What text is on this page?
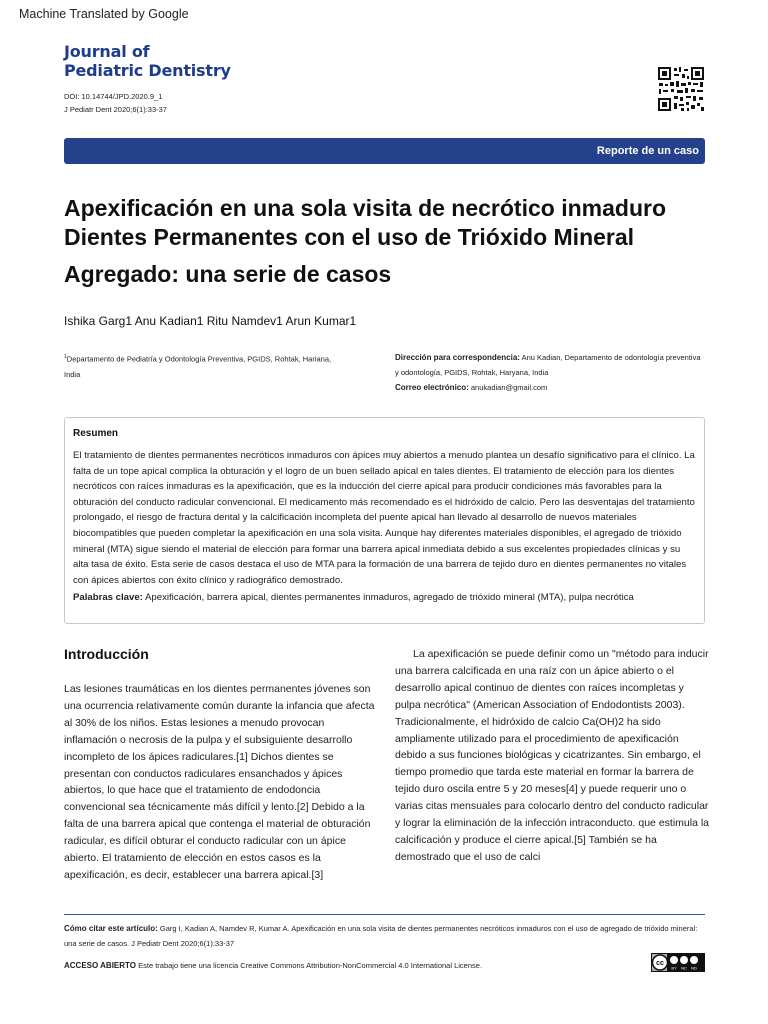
Machine Translated by Google
Journal of
Pediatric Dentistry
DOI: 10.14744/JPD.2020.9_1
J Pediatr Dent 2020;6(1):33-37
Reporte de un caso
Apexificación en una sola visita de necrótico inmaduro
Dientes Permanentes con el uso de Trióxido Mineral
Agregado: una serie de casos
Ishika Garg1 Anu Kadian1 Ritu Namdev1 Arun Kumar1
$^1$Departamento de Pediatría y Odontología Preventiva, PGIDS, Rohtak, Hariana, India
Dirección para correspondencia: Anu Kadian, Departamento de odontología preventiva y odontología, PGIDS, Rohtak, Haryana, India
Correo electrónico: anukadian@gmail.com
Resumen

El tratamiento de dientes permanentes necróticos inmaduros con ápices muy abiertos a menudo plantea un desafío significativo para el clínico. La falta de un tope apical complica la obturación y el logro de un buen sellado apical en tales dientes. El tratamiento de elección para los dientes necróticos con raíces inmaduras es la apexificación, que es la inducción del cierre apical para producir condiciones más favorables para la obturación del conducto radicular convencional. El medicamento más recomendado es el hidróxido de calcio. Pero las desventajas del tratamiento prolongado, el riesgo de fractura dental y la calcificación incompleta del puente apical han llevado al desarrollo de nuevos materiales biocompatibles que pueden completar la apexificación en una sola visita. Aunque hay diferentes materiales disponibles, el agregado de trióxido mineral (MTA) sigue siendo el material de elección para formar una barrera apical inmediata debido a sus excelentes propiedades clínicas y su alta tasa de éxito. Esta serie de casos destaca el uso de MTA para la formación de una barrera de tejido duro en dientes permanentes no vitales con ápices abiertos con éxito clínico y radiográfico demostrado.

Palabras clave: Apexificación, barrera apical, dientes permanentes inmaduros, agregado de trióxido mineral (MTA), pulpa necrótica

Introducción

Las lesiones traumáticas en los dientes permanentes jóvenes son una ocurrencia relativamente común durante la infancia que afecta al 30% de los niños. Estas lesiones a menudo provocan inflamación o necrosis de la pulpa y el subsiguiente desarrollo incompleto de los ápices radiculares.[1] Dichos dientes se presentan con conductos radiculares ensanchados y ápices abiertos, lo que hace que el tratamiento de endodoncia convencional sea técnicamente más difícil y lento.[2] Debido a la falta de una barrera apical que contenga el material de obturación radicular, es difícil obturar el conducto radicular con un ápice abierto. El tratamiento de elección en estos casos es la apexificación, es decir, establecer una barrera apical.[3]

La apexificación se puede definir como un "método para inducir una barrera calcificada en una raíz con un ápice abierto o el desarrollo apical continuo de dientes con raíces incompletas y pulpa necrótica" (American Association of Endodontists 2003). Tradicionalmente, el hidróxido de calcio Ca(OH)2 ha sido ampliamente utilizado para el procedimiento de apexificación debido a sus funciones biológicas y cicatrizantes. Sin embargo, el tiempo promedio que tarda este material en formar la barrera de tejido duro oscila entre 5 y 20 meses[4] y puede requerir uno o varias citas mensuales para colocarlo dentro del conducto radicular y lograr la eliminación de la infección intraconducto. que estimula la calcificación y produce el cierre apical.[5] También se ha demostrado que el uso de calci

Cómo citar este artículo: Garg I, Kadian A, Namdev R, Kumar A. Apexificación en una sola visita de dientes permanentes necróticos inmaduros con el uso de agregado de trióxido mineral: una serie de casos. J Pediatr Dent 2020;6(1):33-37
ACCESO ABIERTO Este trabajo tiene una licencia Creative Commons Attribution-NonCommercial 4.0 International License.	cc
BY NC ND
